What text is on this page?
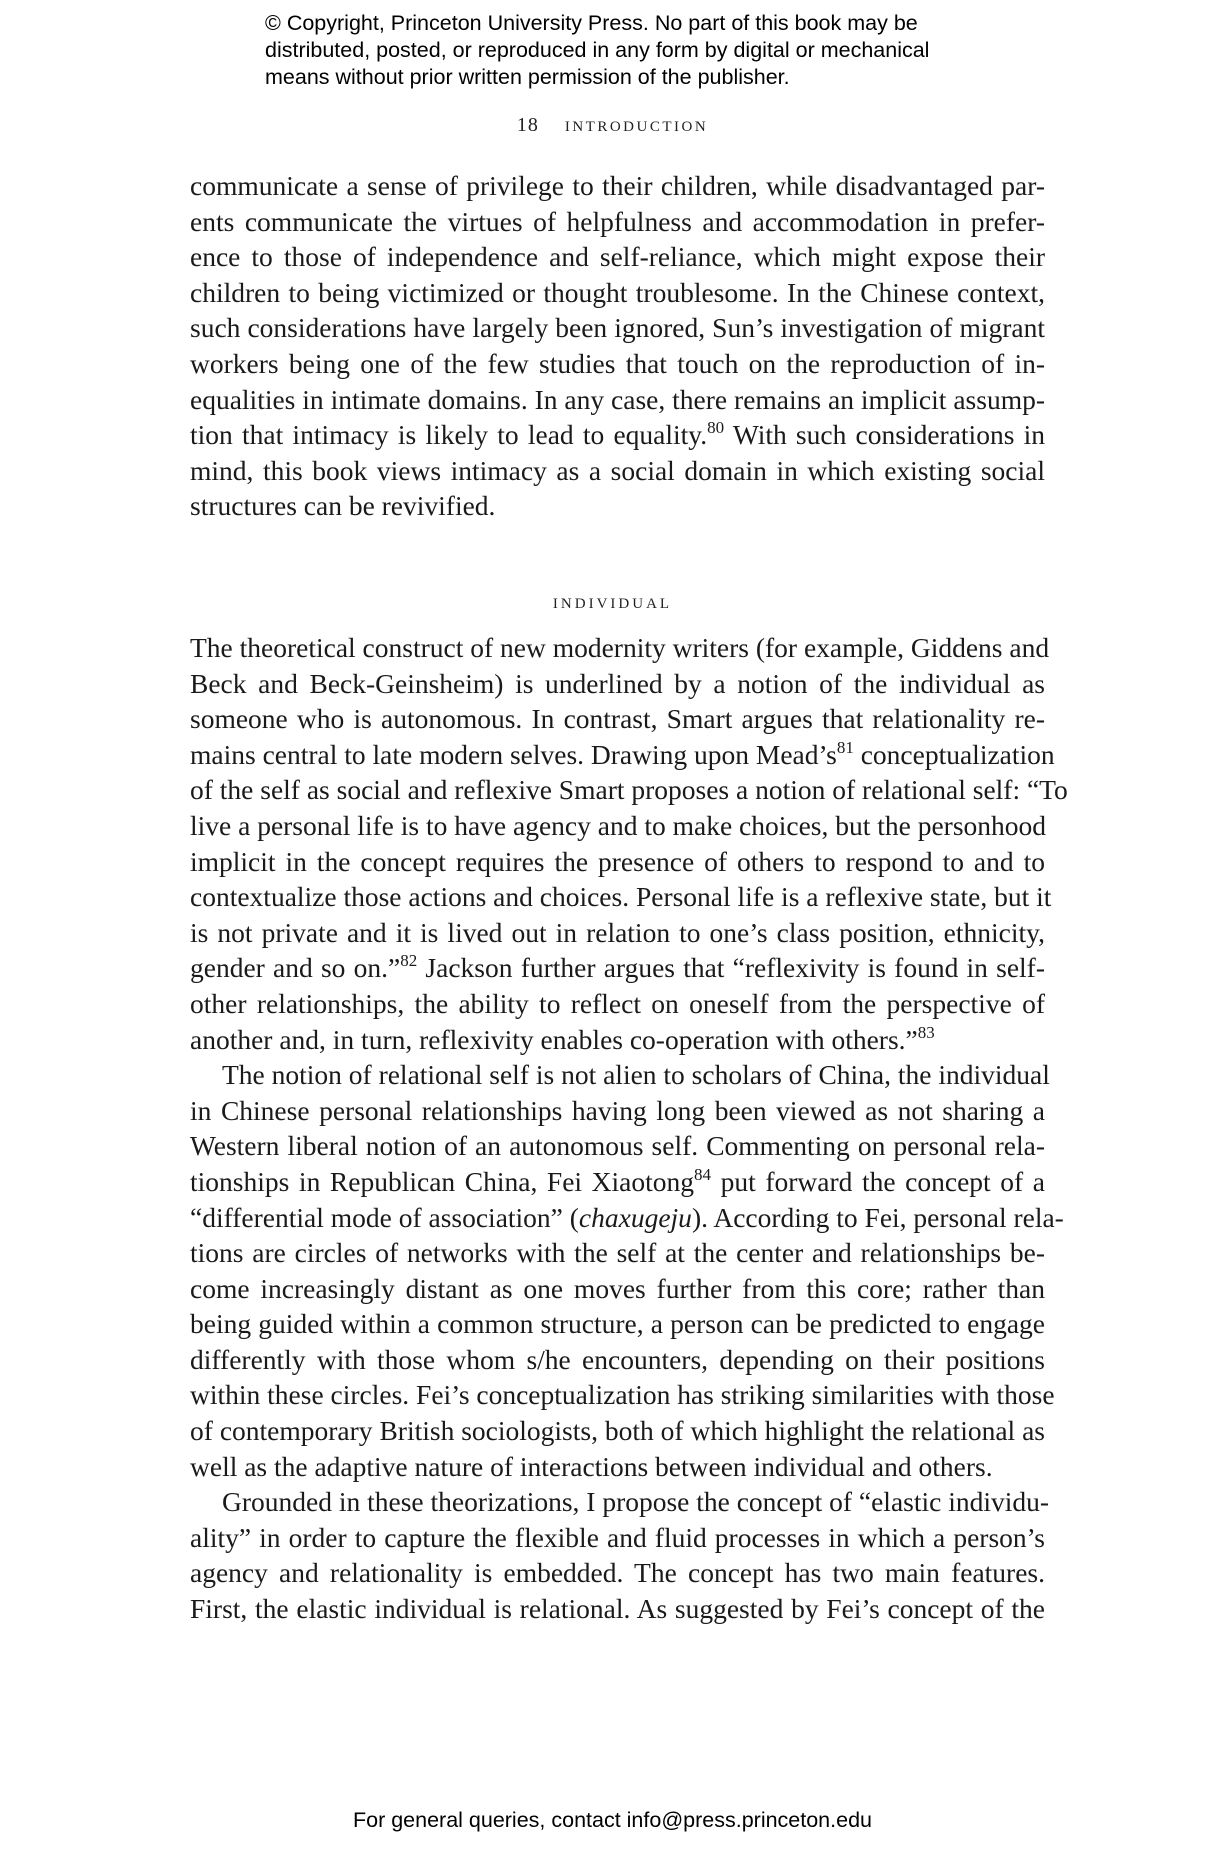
© Copyright, Princeton University Press. No part of this book may be
distributed, posted, or reproduced in any form by digital or mechanical
means without prior written permission of the publisher.
18 introduction
communicate a sense of privilege to their children, while disadvantaged par-
ents communicate the virtues of helpfulness and accommodation in prefer-
ence to those of independence and self-reliance, which might expose their
children to being victimized or thought troublesome. In the Chinese context,
such considerations have largely been ignored, Sun’s investigation of migrant
workers being one of the few studies that touch on the reproduction of in-
equalities in intimate domains. In any case, there remains an implicit assump-
tion that intimacy is likely to lead to equality.$^{80}$ With such considerations in
mind, this book views intimacy as a social domain in which existing social
structures can be revivified.
individual
The theoretical construct of new modernity writers (for example, Giddens and
Beck and Beck-Geinsheim) is underlined by a notion of the individual as
someone who is autonomous. In contrast, Smart argues that relationality re-
mains central to late modern selves. Drawing upon $Mead’s^{81}$ conceptualization
of the self as social and reflexive Smart proposes a notion of relational self: “To
live a personal life is to have agency and to make choices, but the personhood
implicit in the concept requires the presence of others to respond to and to
contextualize those actions and choices. Personal life is a reflexive state, but it
is not private and it is lived out in relation to one’s class position, ethnicity,
gender and so on.”$^{82}$ Jackson further argues that “reflexivity is found in self-
other relationships, the ability to reflect on oneself from the perspective of
another and, in turn, reflexivity enables co-operation with others.”$^{83}$
The notion of relational self is not alien to scholars of China, the individual
in Chinese personal relationships having long been viewed as not sharing a
Western liberal notion of an autonomous self. Commenting on personal rela-
tionships in Republican China, Fei Xiaotong$^{84}$ put forward the concept of a
“differential mode of association” (chaxugeju). According to Fei, personal rela-
tions are circles of networks with the self at the center and relationships be-
come increasingly distant as one moves further from this core; rather than
being guided within a common structure, a person can be predicted to engage
differently with those whom s/he encounters, depending on their positions
within these circles. Fei’s conceptualization has striking similarities with those
of contemporary British sociologists, both of which highlight the relational as
well as the adaptive nature of interactions between individual and others.
Grounded in these theorizations, I propose the concept of “elastic individu-
ality” in order to capture the flexible and fluid processes in which a person’s
agency and relationality is embedded. The concept has two main features.
First, the elastic individual is relational. As suggested by Fei’s concept of the
For general queries, contact info@press.princeton.edu
